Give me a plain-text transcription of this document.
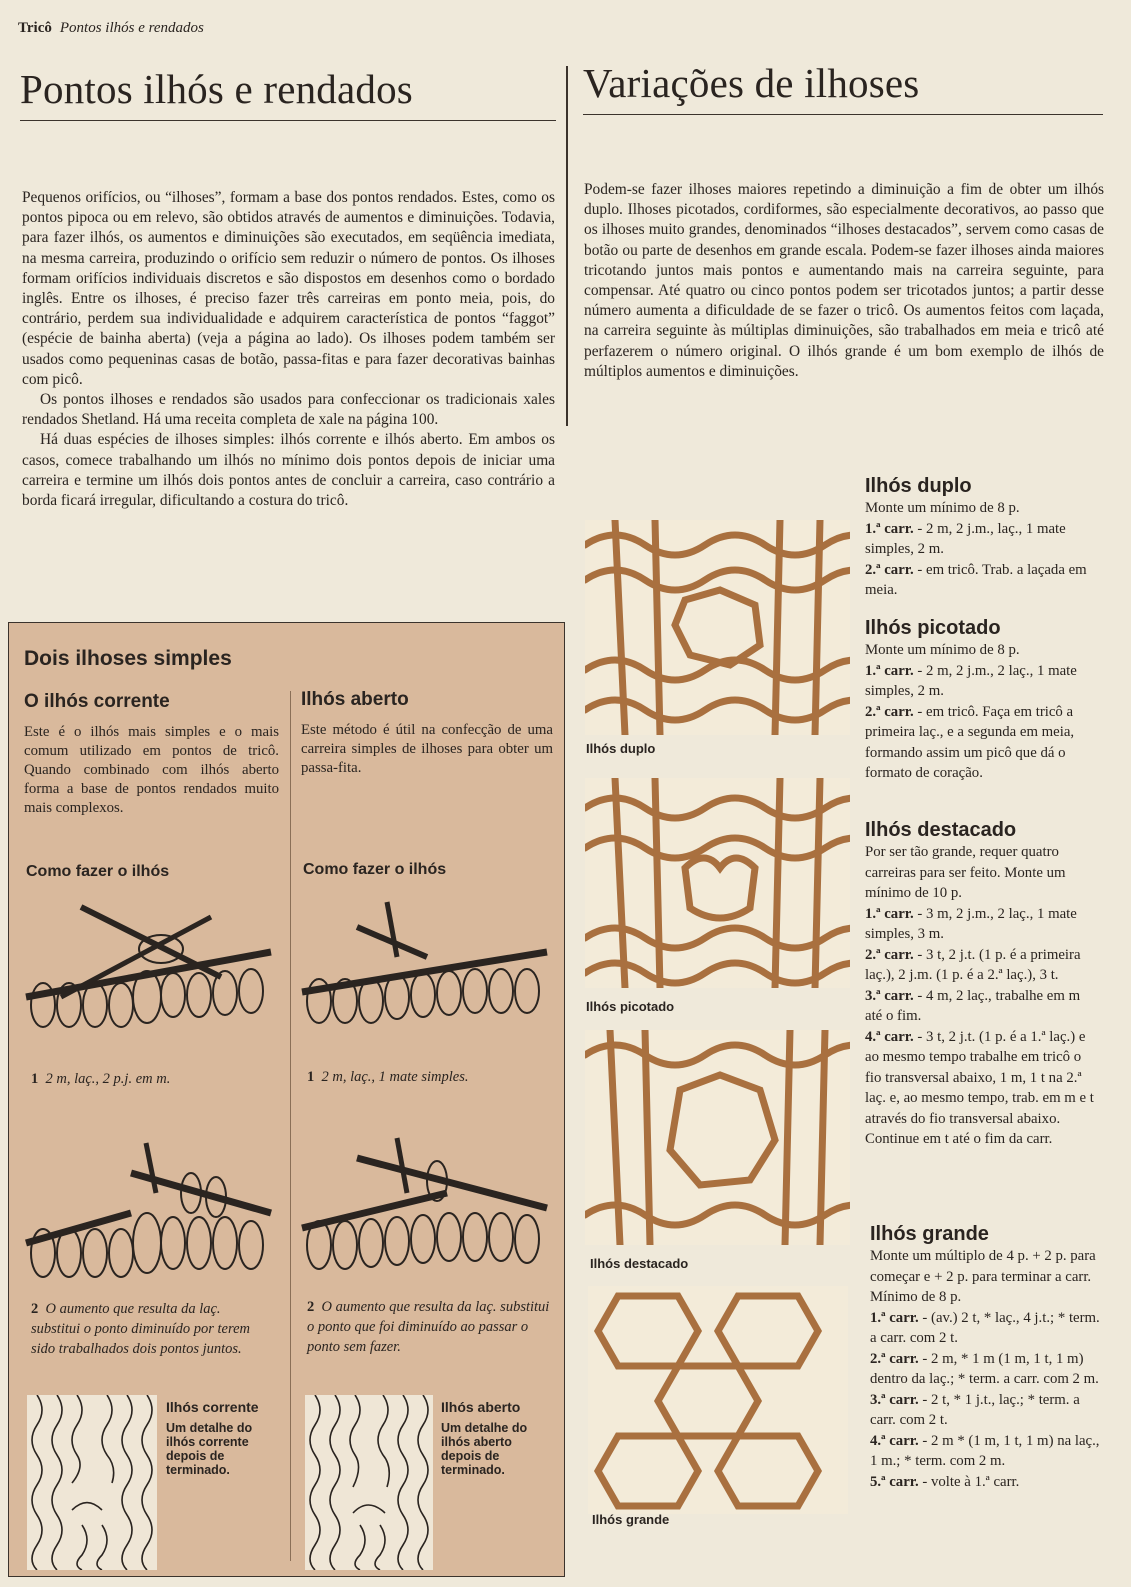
Tricô Pontos ilhós e rendados
Pontos ilhós e rendados

Pequenos orifícios, ou “ilhoses”, formam a base dos pontos rendados. Estes, como os pontos pipoca ou em relevo, são obtidos através de aumentos e diminuições. Todavia, para fazer ilhós, os aumentos e diminuições são executados, em seqüência imediata, na mesma carreira, produzindo o orifício sem reduzir o número de pontos. Os ilhoses formam orifícios individuais discretos e são dispostos em desenhos como o bordado inglês. Entre os ilhoses, é preciso fazer três carreiras em ponto meia, pois, do contrário, perdem sua individualidade e adquirem característica de pontos “faggot” (espécie de bainha aberta) (veja a página ao lado). Os ilhoses podem também ser usados como pequeninas casas de botão, passa-fitas e para fazer decorativas bainhas com picô.

Os pontos ilhoses e rendados são usados para confeccionar os tradicionais xales rendados Shetland. Há uma receita completa de xale na página 100.

Há duas espécies de ilhoses simples: ilhós corrente e ilhós aberto. Em ambos os casos, comece trabalhando um ilhós no mínimo dois pontos depois de iniciar uma carreira e termine um ilhós dois pontos antes de concluir a carreira, caso contrário a borda ficará irregular, dificultando a costura do tricô.

Dois ilhoses simples
O ilhós corrente

Este é o ilhós mais simples e o mais comum utilizado em pontos de tricô. Quando combinado com ilhós aberto forma a base de pontos rendados muito mais complexos.

Como fazer o ilhós
1 2 m, laç., 2 p.j. em m.
2 O aumento que resulta da laç. substitui o ponto diminuído por terem sido trabalhados dois pontos juntos.
Ilhós corrente
Um detalhe do ilhós corrente depois de terminado.
Ilhós aberto

Este método é útil na confecção de uma carreira simples de ilhoses para obter um passa-fita.

Como fazer o ilhós
1 2 m, laç., 1 mate simples.
2 O aumento que resulta da laç. substitui o ponto que foi diminuído ao passar o ponto sem fazer.
Ilhós aberto
Um detalhe do ilhós aberto depois de terminado.
Variações de ilhoses
Podem-se fazer ilhoses maiores repetindo a diminuição a fim de obter um ilhós duplo. Ilhoses picotados, cordiformes, são especialmente decorativos, ao passo que os ilhoses muito grandes, denominados “ilhoses destacados”, servem como casas de botão ou parte de desenhos em grande escala. Podem-se fazer ilhoses ainda maiores tricotando juntos mais pontos e aumentando mais na carreira seguinte, para compensar. Até quatro ou cinco pontos podem ser tricotados juntos; a partir desse número aumenta a dificuldade de se fazer o tricô. Os aumentos feitos com laçada, na carreira seguinte às múltiplas diminuições, são trabalhados em meia e tricô até perfazerem o número original. O ilhós grande é um bom exemplo de ilhós de múltiplos aumentos e diminuições.
Ilhós duplo
Ilhós picotado
Ilhós destacado
Ilhós grande
Ilhós duplo

Monte um mínimo de 8 p.

1.ª carr. - 2 m, 2 j.m., laç., 1 mate simples, 2 m.

2.ª carr. - em tricô. Trab. a laçada em meia.

Ilhós picotado

Monte um mínimo de 8 p.

1.ª carr. - 2 m, 2 j.m., 2 laç., 1 mate simples, 2 m.

2.ª carr. - em tricô. Faça em tricô a primeira laç., e a segunda em meia, formando assim um picô que dá o formato de coração.

Ilhós destacado

Por ser tão grande, requer quatro carreiras para ser feito. Monte um mínimo de 10 p.

1.ª carr. - 3 m, 2 j.m., 2 laç., 1 mate simples, 3 m.

2.ª carr. - 3 t, 2 j.t. (1 p. é a primeira laç.), 2 j.m. (1 p. é a 2.ª laç.), 3 t.

3.ª carr. - 4 m, 2 laç., trabalhe em m até o fim.

4.ª carr. - 3 t, 2 j.t. (1 p. é a 1.ª laç.) e ao mesmo tempo trabalhe em tricô o fio transversal abaixo, 1 m, 1 t na 2.ª laç. e, ao mesmo tempo, trab. em m e t através do fio transversal abaixo. Continue em t até o fim da carr.

Ilhós grande

Monte um múltiplo de 4 p. + 2 p. para começar e + 2 p. para terminar a carr. Mínimo de 8 p.

1.ª carr. - (av.) 2 t, * laç., 4 j.t.; * term. a carr. com 2 t.

2.ª carr. - 2 m, * 1 m (1 m, 1 t, 1 m) dentro da laç.; * term. a carr. com 2 m.

3.ª carr. - 2 t, * 1 j.t., laç.; * term. a carr. com 2 t.

4.ª carr. - 2 m * (1 m, 1 t, 1 m) na laç., 1 m.; * term. com 2 m.

5.ª carr. - volte à 1.ª carr.
